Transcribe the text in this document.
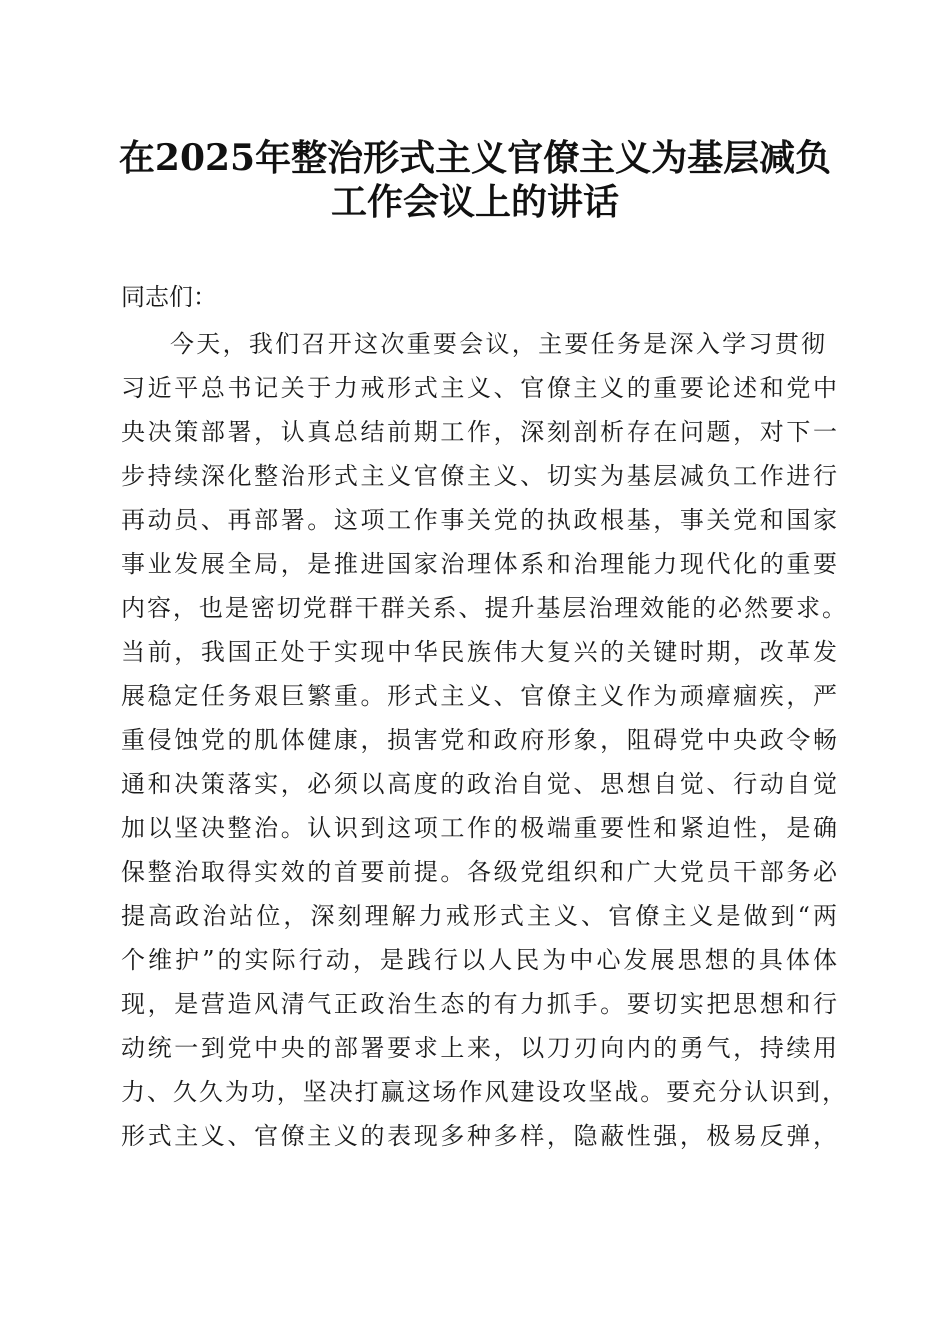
在2025年整治形式主义官僚主义为基层减负
工作会议上的讲话
同志们：
今天，我们召开这次重要会议，主要任务是深入学习贯彻
习近平总书记关于力戒形式主义、官僚主义的重要论述和党中
央决策部署，认真总结前期工作，深刻剖析存在问题，对下一
步持续深化整治形式主义官僚主义、切实为基层减负工作进行
再动员、再部署。这项工作事关党的执政根基，事关党和国家
事业发展全局，是推进国家治理体系和治理能力现代化的重要
内容，也是密切党群干群关系、提升基层治理效能的必然要求。
当前，我国正处于实现中华民族伟大复兴的关键时期，改革发
展稳定任务艰巨繁重。形式主义、官僚主义作为顽瘴痼疾，严
重侵蚀党的肌体健康，损害党和政府形象，阻碍党中央政令畅
通和决策落实，必须以高度的政治自觉、思想自觉、行动自觉
加以坚决整治。认识到这项工作的极端重要性和紧迫性，是确
保整治取得实效的首要前提。各级党组织和广大党员干部务必
提高政治站位，深刻理解力戒形式主义、官僚主义是做到“两
个维护”的实际行动，是践行以人民为中心发展思想的具体体
现，是营造风清气正政治生态的有力抓手。要切实把思想和行
动统一到党中央的部署要求上来，以刀刃向内的勇气，持续用
力、久久为功，坚决打赢这场作风建设攻坚战。要充分认识到，
形式主义、官僚主义的表现多种多样，隐蔽性强，极易反弹，
